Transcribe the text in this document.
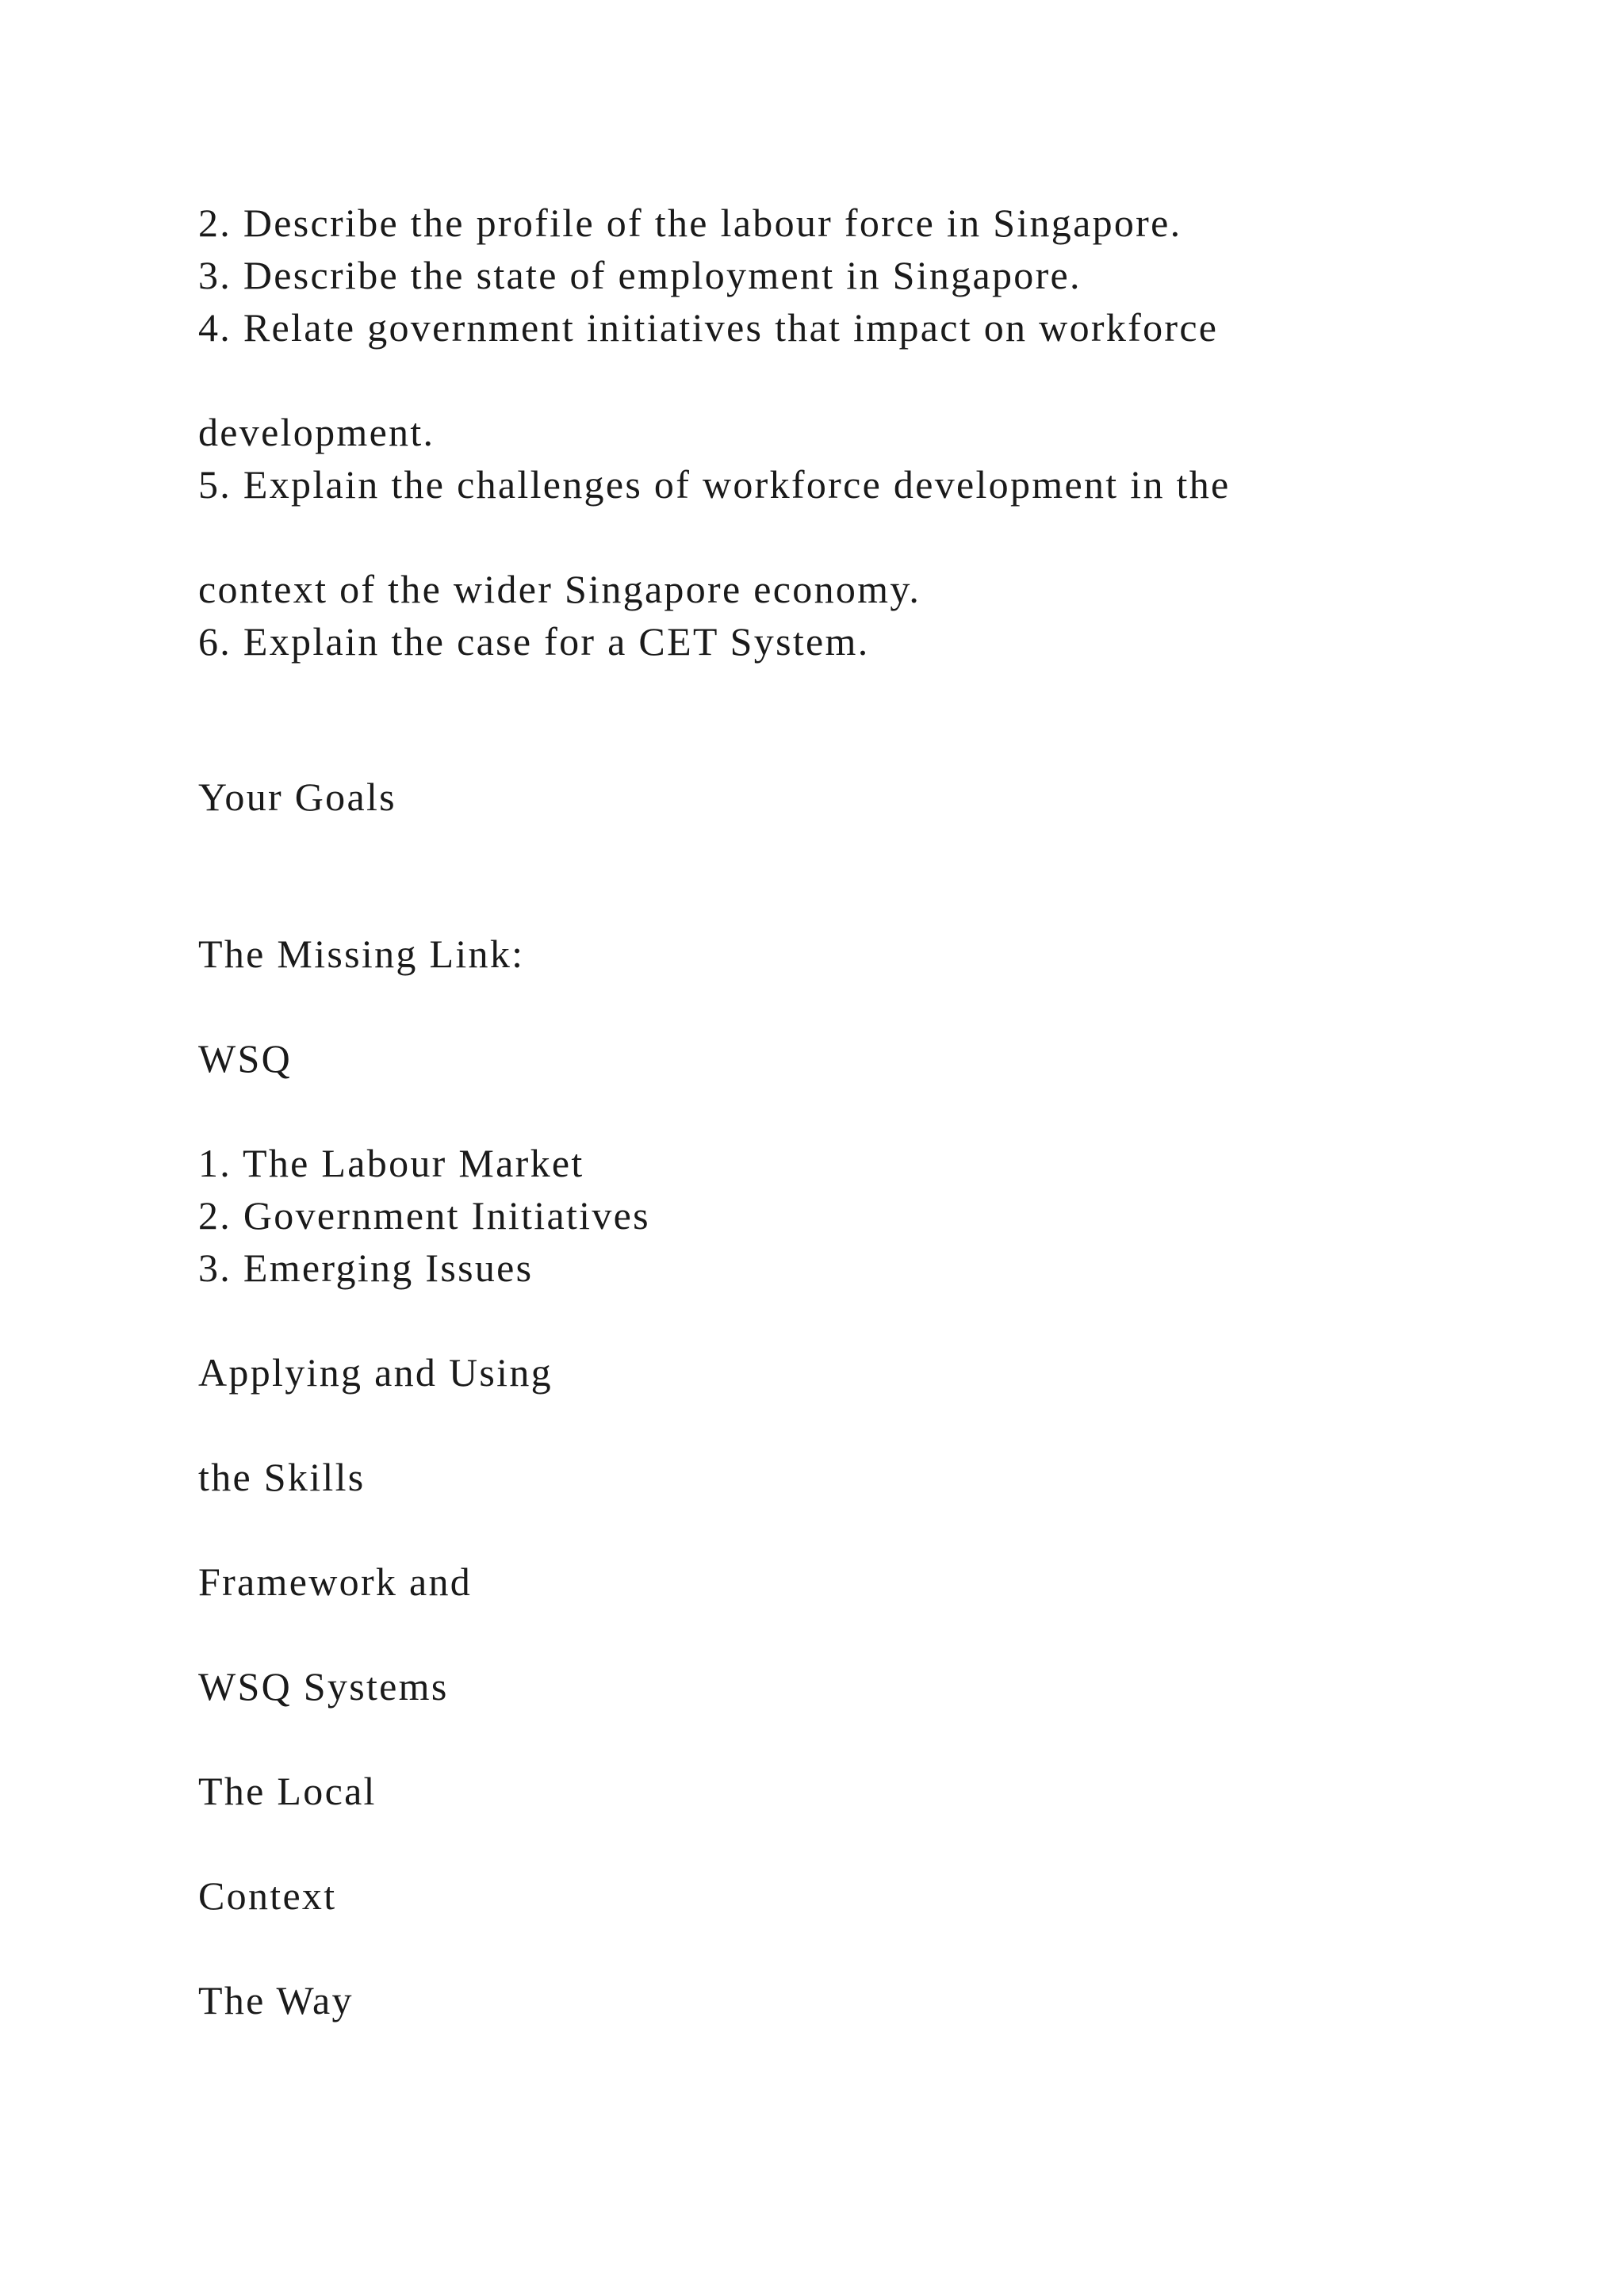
2. Describe the profile of the labour force in Singapore.

3. Describe the state of employment in Singapore.

4. Relate government initiatives that impact on workforce

development.

5. Explain the challenges of workforce development in the

context of the wider Singapore economy.

6. Explain the case for a CET System.

Your Goals

The Missing Link:

WSQ

1. The Labour Market

2. Government Initiatives

3. Emerging Issues

Applying and Using

the Skills

Framework and

WSQ Systems

The Local

Context

The Way
